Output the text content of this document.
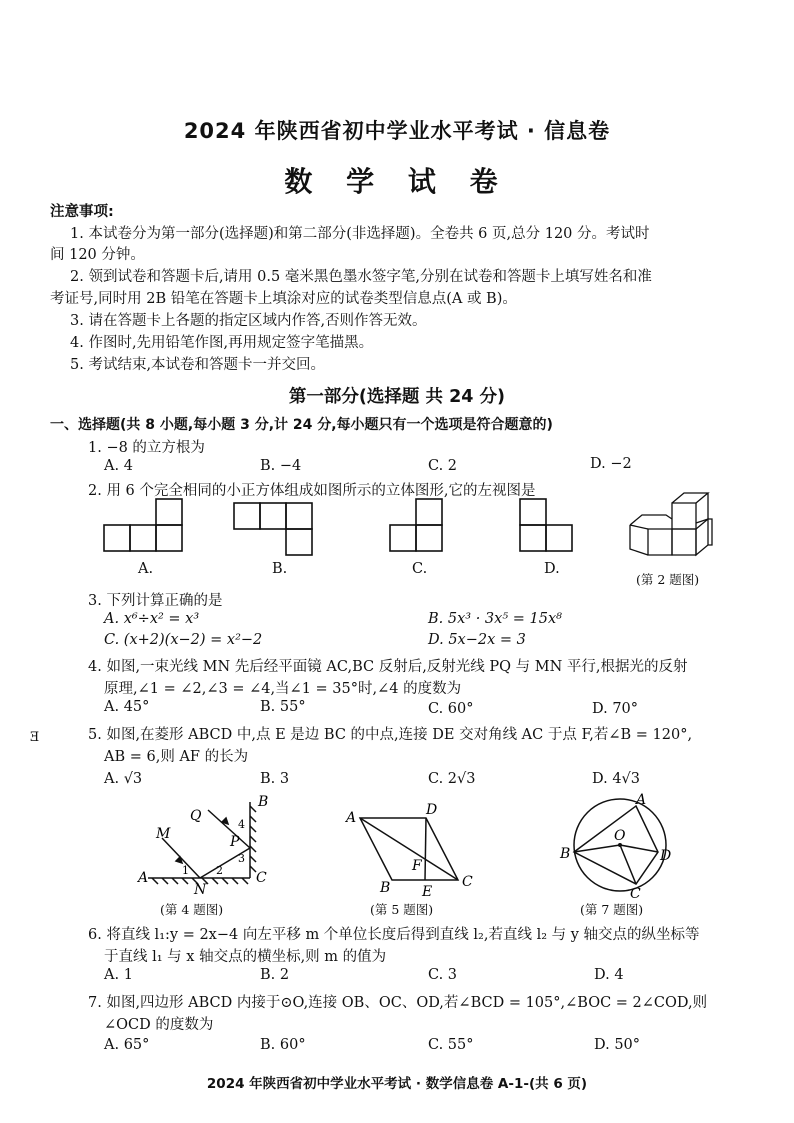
2024 年陕西省初中学业水平考试 · 信息卷
数 学 试 卷
注意事项:
1. 本试卷分为第一部分(选择题)和第二部分(非选择题)。全卷共 6 页,总分 120 分。考试时
间 120 分钟。
2. 领到试卷和答题卡后,请用 0.5 毫米黑色墨水签字笔,分别在试卷和答题卡上填写姓名和准
考证号,同时用 2B 铅笔在答题卡上填涂对应的试卷类型信息点(A 或 B)。
3. 请在答题卡上各题的指定区域内作答,否则作答无效。
4. 作图时,先用铅笔作图,再用规定签字笔描黑。
5. 考试结束,本试卷和答题卡一并交回。
第一部分(选择题 共 24 分)
一、选择题(共 8 小题,每小题 3 分,计 24 分,每小题只有一个选项是符合题意的)
1. −8 的立方根为
A. 4	B. −4	C. 2	D. −2
2. 用 6 个完全相同的小正方体组成如图所示的立体图形,它的左视图是
A.	B.	C.	D.
(第 2 题图)
3. 下列计算正确的是
A. x⁶÷x² = x³	B. 5x³ · 3x⁵ = 15x⁸
C. (x+2)(x−2) = x²−2	D. 5x−2x = 3
4. 如图,一束光线 MN 先后经平面镜 AC,BC 反射后,反射光线 PQ 与 MN 平行,根据光的反射
原理,∠1 = ∠2,∠3 = ∠4,当∠1 = 35°时,∠4 的度数为
A. 45°	B. 55°	C. 60°	D. 70°
Ǝ	5. 如图,在菱形 ABCD 中,点 E 是边 BC 的中点,连接 DE 交对角线 AC 于点 F,若∠B = 120°,
AB = 6,则 AF 的长为
A. √3	B. 3	C. 2√3	D. 4√3
B
Q
M	P
A
N
C
1 2
3
4
(第 4 题图)
A	D
F
B E
C
(第 5 题图)
A
O
B	D
C
(第 7 题图)
6. 将直线 l₁:y = 2x−4 向左平移 m 个单位长度后得到直线 l₂,若直线 l₂ 与 y 轴交点的纵坐标等
于直线 l₁ 与 x 轴交点的横坐标,则 m 的值为
A. 1	B. 2	C. 3	D. 4
7. 如图,四边形 ABCD 内接于⊙O,连接 OB、OC、OD,若∠BCD = 105°,∠BOC = 2∠COD,则
∠OCD 的度数为
A. 65°	B. 60°	C. 55°	D. 50°
2024 年陕西省初中学业水平考试 · 数学信息卷 A-1-(共 6 页)
